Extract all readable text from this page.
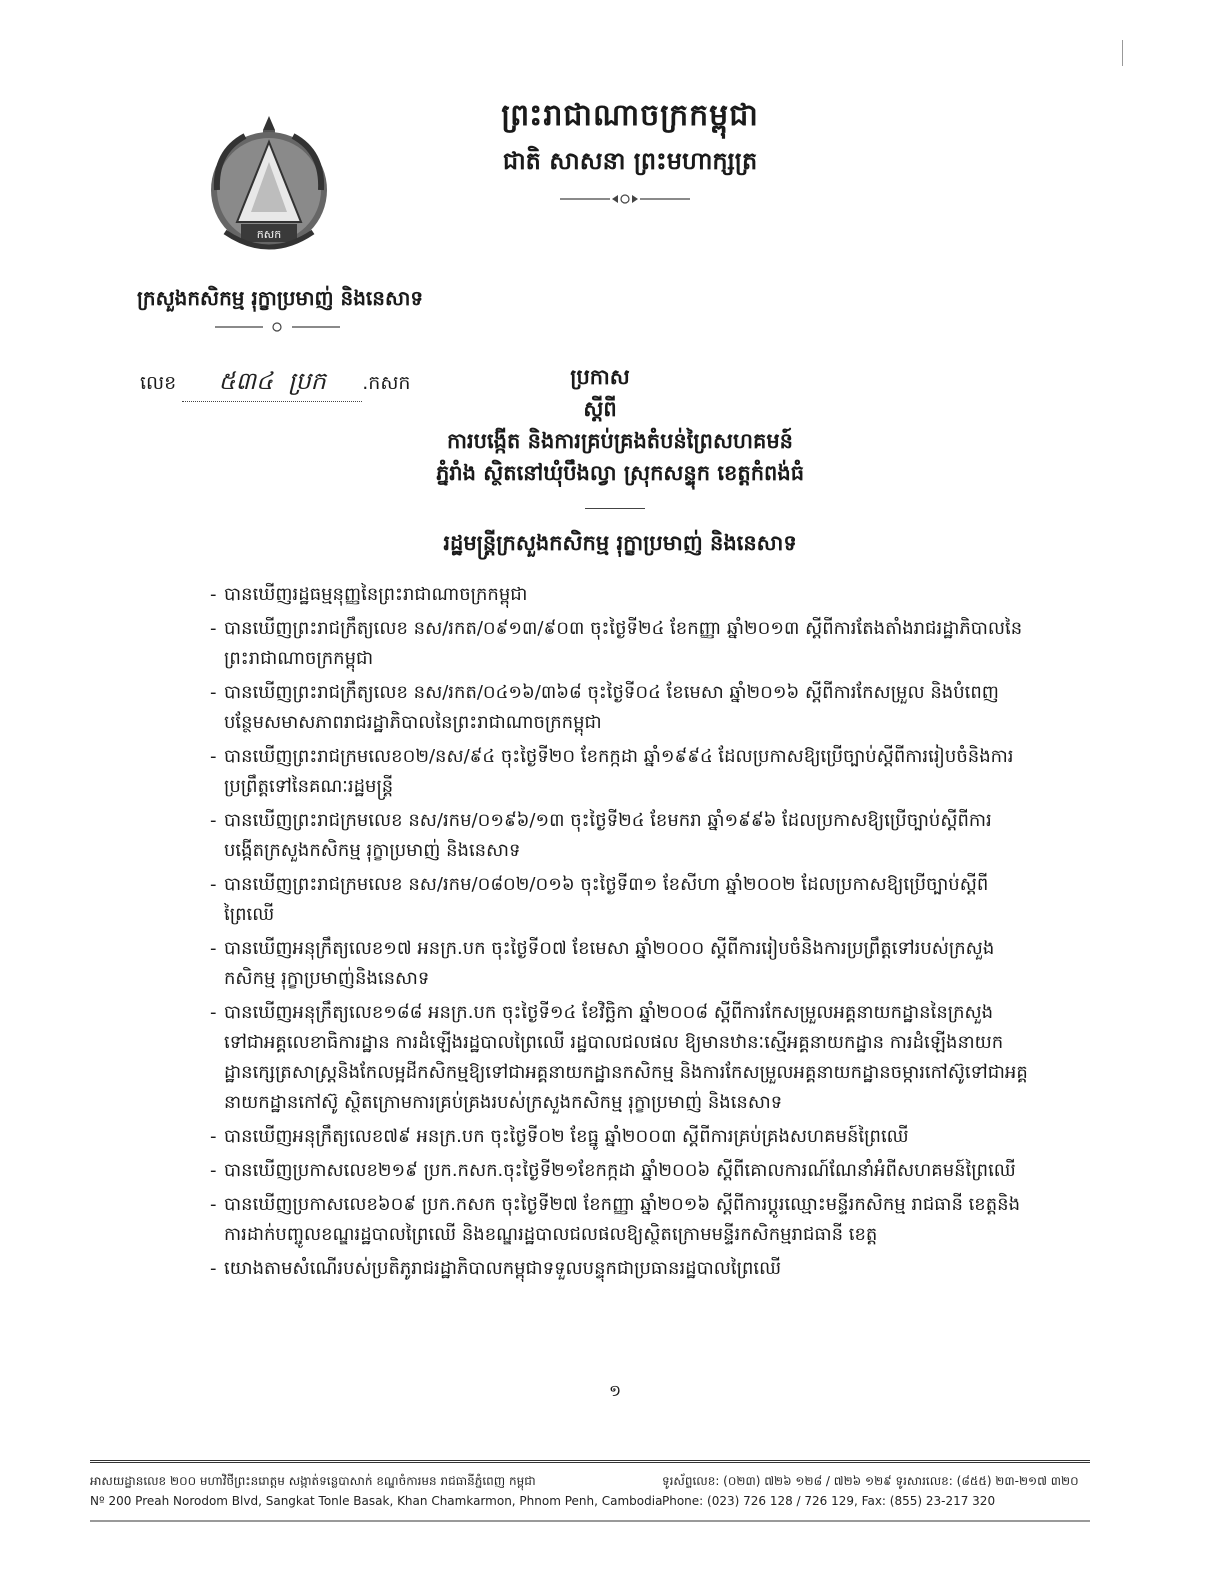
ព្រះរាជាណាចក្រកម្ពុជា
ជាតិ សាសនា ព្រះមហាក្សត្រ
កសក
ក្រសួងកសិកម្ម រុក្ខាប្រមាញ់ និងនេសាទ
លេខ ៥៣៤ ប្រក .កសក	ប្រកាស
ស្តីពី
ការបង្កើត និងការគ្រប់គ្រងតំបន់ព្រៃសហគមន៍
ភ្នំរាំង ស្ថិតនៅឃុំបឹងល្វា ស្រុកសន្ទុក ខេត្តកំពង់ធំ
រដ្ឋមន្ត្រីក្រសួងកសិកម្ម រុក្ខាប្រមាញ់ និងនេសាទ
- បានឃើញរដ្ឋធម្មនុញ្ញនៃព្រះរាជាណាចក្រកម្ពុជា
- បានឃើញព្រះរាជក្រឹត្យលេខ នស/រកត/០៩១៣/៩០៣ ចុះថ្ងៃទី២៤ ខែកញ្ញា ឆ្នាំ២០១៣ ស្តីពីការតែងតាំងរាជរដ្ឋាភិបាលនៃព្រះរាជាណាចក្រកម្ពុជា
- បានឃើញព្រះរាជក្រឹត្យលេខ នស/រកត/០៤១៦/៣៦៨ ចុះថ្ងៃទី០៤ ខែមេសា ឆ្នាំ២០១៦ ស្តីពីការកែសម្រួល និងបំពេញបន្ថែមសមាសភាពរាជរដ្ឋាភិបាលនៃព្រះរាជាណាចក្រកម្ពុជា
- បានឃើញព្រះរាជក្រមលេខ០២/នស/៩៤ ចុះថ្ងៃទី២០ ខែកក្កដា ឆ្នាំ១៩៩៤ ដែលប្រកាសឱ្យប្រើច្បាប់ស្តីពីការរៀបចំនិងការប្រព្រឹត្តទៅនៃគណៈរដ្ឋមន្ត្រី
- បានឃើញព្រះរាជក្រមលេខ នស/រកម/០១៩៦/១៣ ចុះថ្ងៃទី២៤ ខែមករា ឆ្នាំ១៩៩៦ ដែលប្រកាសឱ្យប្រើច្បាប់ស្តីពីការបង្កើតក្រសួងកសិកម្ម រុក្ខាប្រមាញ់ និងនេសាទ
- បានឃើញព្រះរាជក្រមលេខ នស/រកម/០៨០២/០១៦ ចុះថ្ងៃទី៣១ ខែសីហា ឆ្នាំ២០០២ ដែលប្រកាសឱ្យប្រើច្បាប់ស្តីពីព្រៃឈើ
- បានឃើញអនុក្រឹត្យលេខ១៧ អនក្រ.បក ចុះថ្ងៃទី០៧ ខែមេសា ឆ្នាំ២០០០ ស្តីពីការរៀបចំនិងការប្រព្រឹត្តទៅរបស់ក្រសួងកសិកម្ម រុក្ខាប្រមាញ់និងនេសាទ
- បានឃើញអនុក្រឹត្យលេខ១៨៨ អនក្រ.បក ចុះថ្ងៃទី១៤ ខែវិច្ឆិកា ឆ្នាំ២០០៨ ស្តីពីការកែសម្រួលអគ្គនាយកដ្ឋាននៃក្រសួងទៅជាអគ្គលេខាធិការដ្ឋាន ការដំឡើងរដ្ឋបាលព្រៃឈើ រដ្ឋបាលជលផល ឱ្យមានឋានៈស្មើអគ្គនាយកដ្ឋាន ការដំឡើងនាយកដ្ឋានក្សេត្រសាស្ត្រនិងកែលម្អដីកសិកម្មឱ្យទៅជាអគ្គនាយកដ្ឋានកសិកម្ម និងការកែសម្រួលអគ្គនាយកដ្ឋានចម្ការកៅស៊ូទៅជាអគ្គនាយកដ្ឋានកៅស៊ូ ស្ថិតក្រោមការគ្រប់គ្រងរបស់ក្រសួងកសិកម្ម រុក្ខាប្រមាញ់ និងនេសាទ
- បានឃើញអនុក្រឹត្យលេខ៧៩ អនក្រ.បក ចុះថ្ងៃទី០២ ខែធ្នូ ឆ្នាំ២០០៣ ស្តីពីការគ្រប់គ្រងសហគមន៍ព្រៃឈើ
- បានឃើញប្រកាសលេខ២១៩ ប្រក.កសក.ចុះថ្ងៃទី២១ខែកក្កដា ឆ្នាំ២០០៦ ស្តីពីគោលការណ៍ណែនាំអំពីសហគមន៍ព្រៃឈើ
- បានឃើញប្រកាសលេខ៦០៩ ប្រក.កសក ចុះថ្ងៃទី២៧ ខែកញ្ញា ឆ្នាំ២០១៦ ស្តីពីការប្តូរឈ្មោះមន្ទីរកសិកម្ម រាជធានី ខេត្តនិងការដាក់បញ្ចូលខណ្ឌរដ្ឋបាលព្រៃឈើ និងខណ្ឌរដ្ឋបាលជលផលឱ្យស្ថិតក្រោមមន្ទីរកសិកម្មរាជធានី ខេត្ត
- យោងតាមសំណើរបស់ប្រតិភូរាជរដ្ឋាភិបាលកម្ពុជាទទួលបន្ទុកជាប្រធានរដ្ឋបាលព្រៃឈើ
១
អាសយដ្ឋានលេខ ២០០ មហាវិថីព្រះនរោត្តម សង្កាត់ទន្លេបាសាក់ ខណ្ឌចំការមន រាជធានីភ្នំពេញ កម្ពុជា
Nº 200 Preah Norodom Blvd, Sangkat Tonle Basak, Khan Chamkarmon, Phnom Penh, Cambodia
ទូរស័ព្ទលេខ: (០២៣) ៧២៦ ១២៨ / ៧២៦ ១២៩ ទូរសារលេខ: (៨៥៥) ២៣-២១៧ ៣២០
Phone: (023) 726 128 / 726 129, Fax: (855) 23-217 320
